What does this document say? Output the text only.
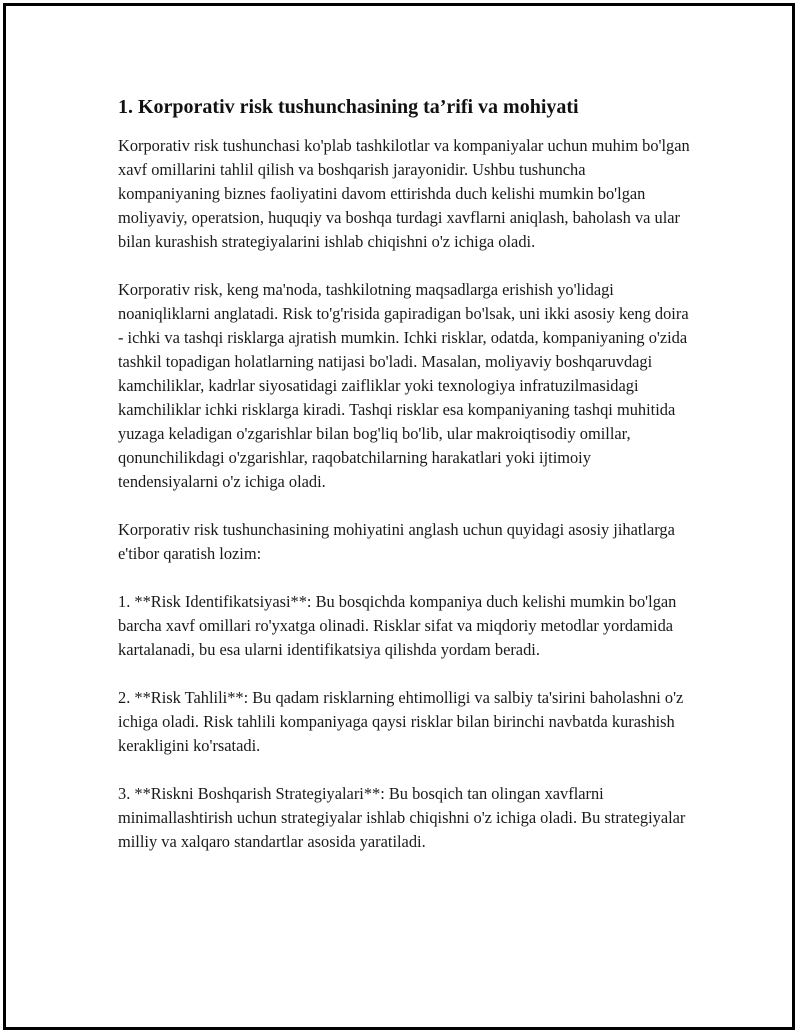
1. Korporativ risk tushunchasining ta’rifi va mohiyati

Korporativ risk tushunchasi ko'plab tashkilotlar va kompaniyalar uchun muhim bo'lgan xavf omillarini tahlil qilish va boshqarish jarayonidir. Ushbu tushuncha kompaniyaning biznes faoliyatini davom ettirishda duch kelishi mumkin bo'lgan moliyaviy, operatsion, huquqiy va boshqa turdagi xavflarni aniqlash, baholash va ular bilan kurashish strategiyalarini ishlab chiqishni o'z ichiga oladi.

Korporativ risk, keng ma'noda, tashkilotning maqsadlarga erishish yo'lidagi noaniqliklarni anglatadi. Risk to'g'risida gapiradigan bo'lsak, uni ikki asosiy keng doira - ichki va tashqi risklarga ajratish mumkin. Ichki risklar, odatda, kompaniyaning o'zida tashkil topadigan holatlarning natijasi bo'ladi. Masalan, moliyaviy boshqaruvdagi kamchiliklar, kadrlar siyosatidagi zaifliklar yoki texnologiya infratuzilmasidagi kamchiliklar ichki risklarga kiradi. Tashqi risklar esa kompaniyaning tashqi muhitida yuzaga keladigan o'zgarishlar bilan bog'liq bo'lib, ular makroiqtisodiy omillar, qonunchilikdagi o'zgarishlar, raqobatchilarning harakatlari yoki ijtimoiy tendensiyalarni o'z ichiga oladi.

Korporativ risk tushunchasining mohiyatini anglash uchun quyidagi asosiy jihatlarga e'tibor qaratish lozim:

1. **Risk Identifikatsiyasi**: Bu bosqichda kompaniya duch kelishi mumkin bo'lgan barcha xavf omillari ro'yxatga olinadi. Risklar sifat va miqdoriy metodlar yordamida kartalanadi, bu esa ularni identifikatsiya qilishda yordam beradi.

2. **Risk Tahlili**: Bu qadam risklarning ehtimolligi va salbiy ta'sirini baholashni o'z ichiga oladi. Risk tahlili kompaniyaga qaysi risklar bilan birinchi navbatda kurashish kerakligini ko'rsatadi.

3. **Riskni Boshqarish Strategiyalari**: Bu bosqich tan olingan xavflarni minimallashtirish uchun strategiyalar ishlab chiqishni o'z ichiga oladi. Bu strategiyalar milliy va xalqaro standartlar asosida yaratiladi.
